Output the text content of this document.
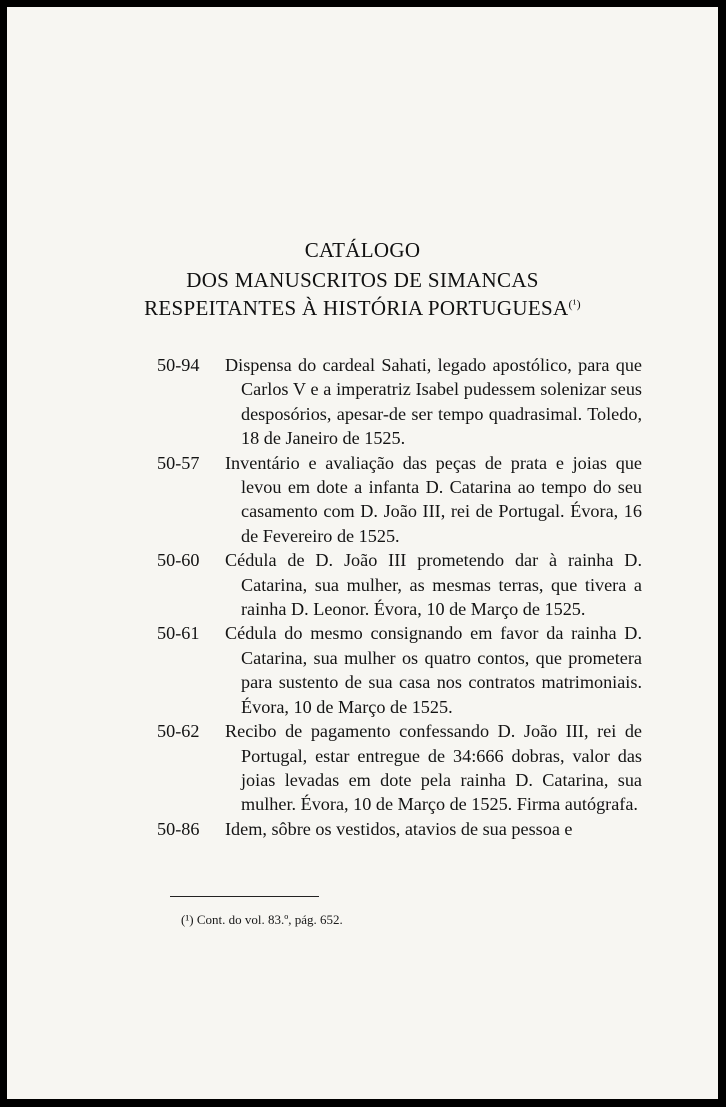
CATÁLOGO
DOS MANUSCRITOS DE SIMANCAS
RESPEITANTES À HISTÓRIA $PORTUGUESA^{(^1)}$
50-94	Dispensa do cardeal Sahati, legado apostólico, para que Carlos V e a imperatriz Isabel pudessem solenizar seus desposórios, apesar-de ser tempo quadrasimal. Toledo, 18 de Janeiro de 1525.
50-57	Inventário e avaliação das peças de prata e joias que levou em dote a infanta D. Catarina ao tempo do seu casamento com D. João III, rei de Portugal. Évora, 16 de Fevereiro de 1525.
50-60	Cédula de D. João III prometendo dar à rainha D. Catarina, sua mulher, as mesmas terras, que tivera a rainha D. Leonor. Évora, 10 de Março de 1525.
50-61	Cédula do mesmo consignando em favor da rainha D. Catarina, sua mulher os quatro contos, que prometera para sustento de sua casa nos contratos matrimoniais. Évora, 10 de Março de 1525.
50-62	Recibo de pagamento confessando D. João III, rei de Portugal, estar entregue de 34:666 dobras, valor das joias levadas em dote pela rainha D. Catarina, sua mulher. Évora, 10 de Março de 1525. Firma autógrafa.
50-86	Idem, sôbre os vestidos, atavios de sua pessoa e
(¹) Cont. do vol. 83.º, pág. 652.
